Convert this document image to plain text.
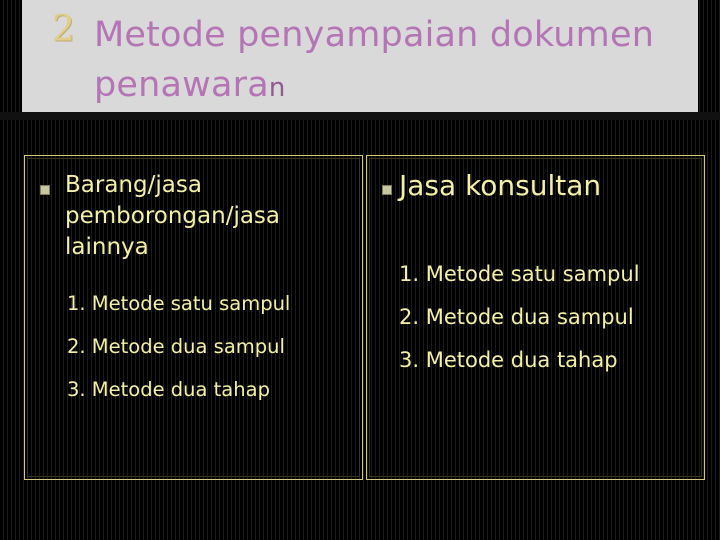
2 Metode penyampaian dokumen
penawaran
Barang/jasa
pemborongan/jasa
lainnya
1. Metode satu sampul
2. Metode dua sampul
3. Metode dua tahap
Jasa konsultan
1. Metode satu sampul
2. Metode dua sampul
3. Metode dua tahap
